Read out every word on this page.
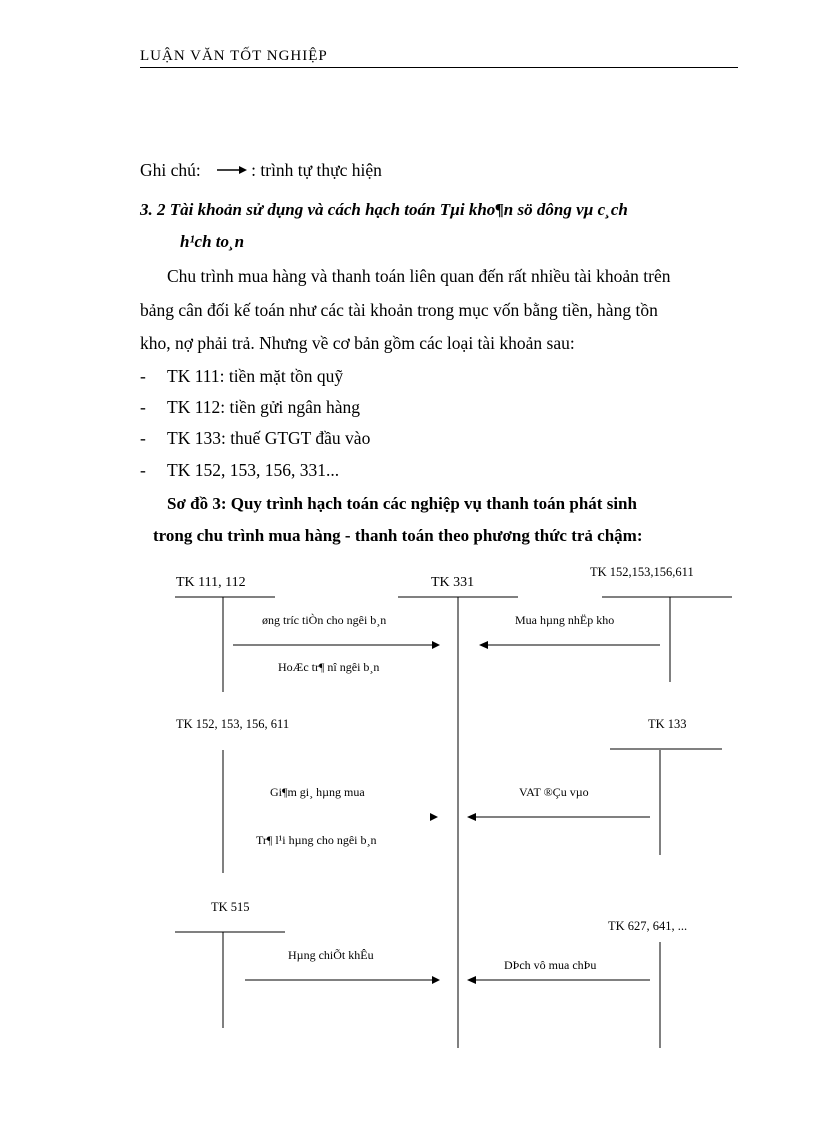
LUẬN VĂN TỐT NGHIỆP
Ghi chú:	: trình tự thực hiện
3. 2 Tài khoản sử dụng và cách hạch toán Tµi kho¶n sö dông vµ c¸ch
h¹ch to¸n
Chu trình mua hàng và thanh toán liên quan đến rất nhiều tài khoản trên
bảng cân đối kế toán như các tài khoản trong mục vốn bằng tiền, hàng tồn
kho, nợ phải trả. Nhưng về cơ bản gồm các loại tài khoản sau:
- TK 111: tiền mặt tồn quỹ
- TK 112: tiền gửi ngân hàng
- TK 133: thuế GTGT đầu vào
- TK 152, 153, 156, 331...
Sơ đồ 3: Quy trình hạch toán các nghiệp vụ thanh toán phát sinh
trong chu trình mua hàng - thanh toán theo phương thức trả chậm:
TK 111, 112	TK 331
TK 152,153,156,611
TK 152, 153, 156, 611	TK 133
TK 515
TK 627, 641, ...
øng tríc tiÒn cho ngêi b¸n
HoÆc tr¶ nî ngêi b¸n
Mua hµng nhËp kho
Gi¶m gi¸ hµng mua
Tr¶ l¹i hµng cho ngêi b¸n
VAT ®Çu vµo
Hµng chiÕt khÊu
DÞch vô mua chÞu
